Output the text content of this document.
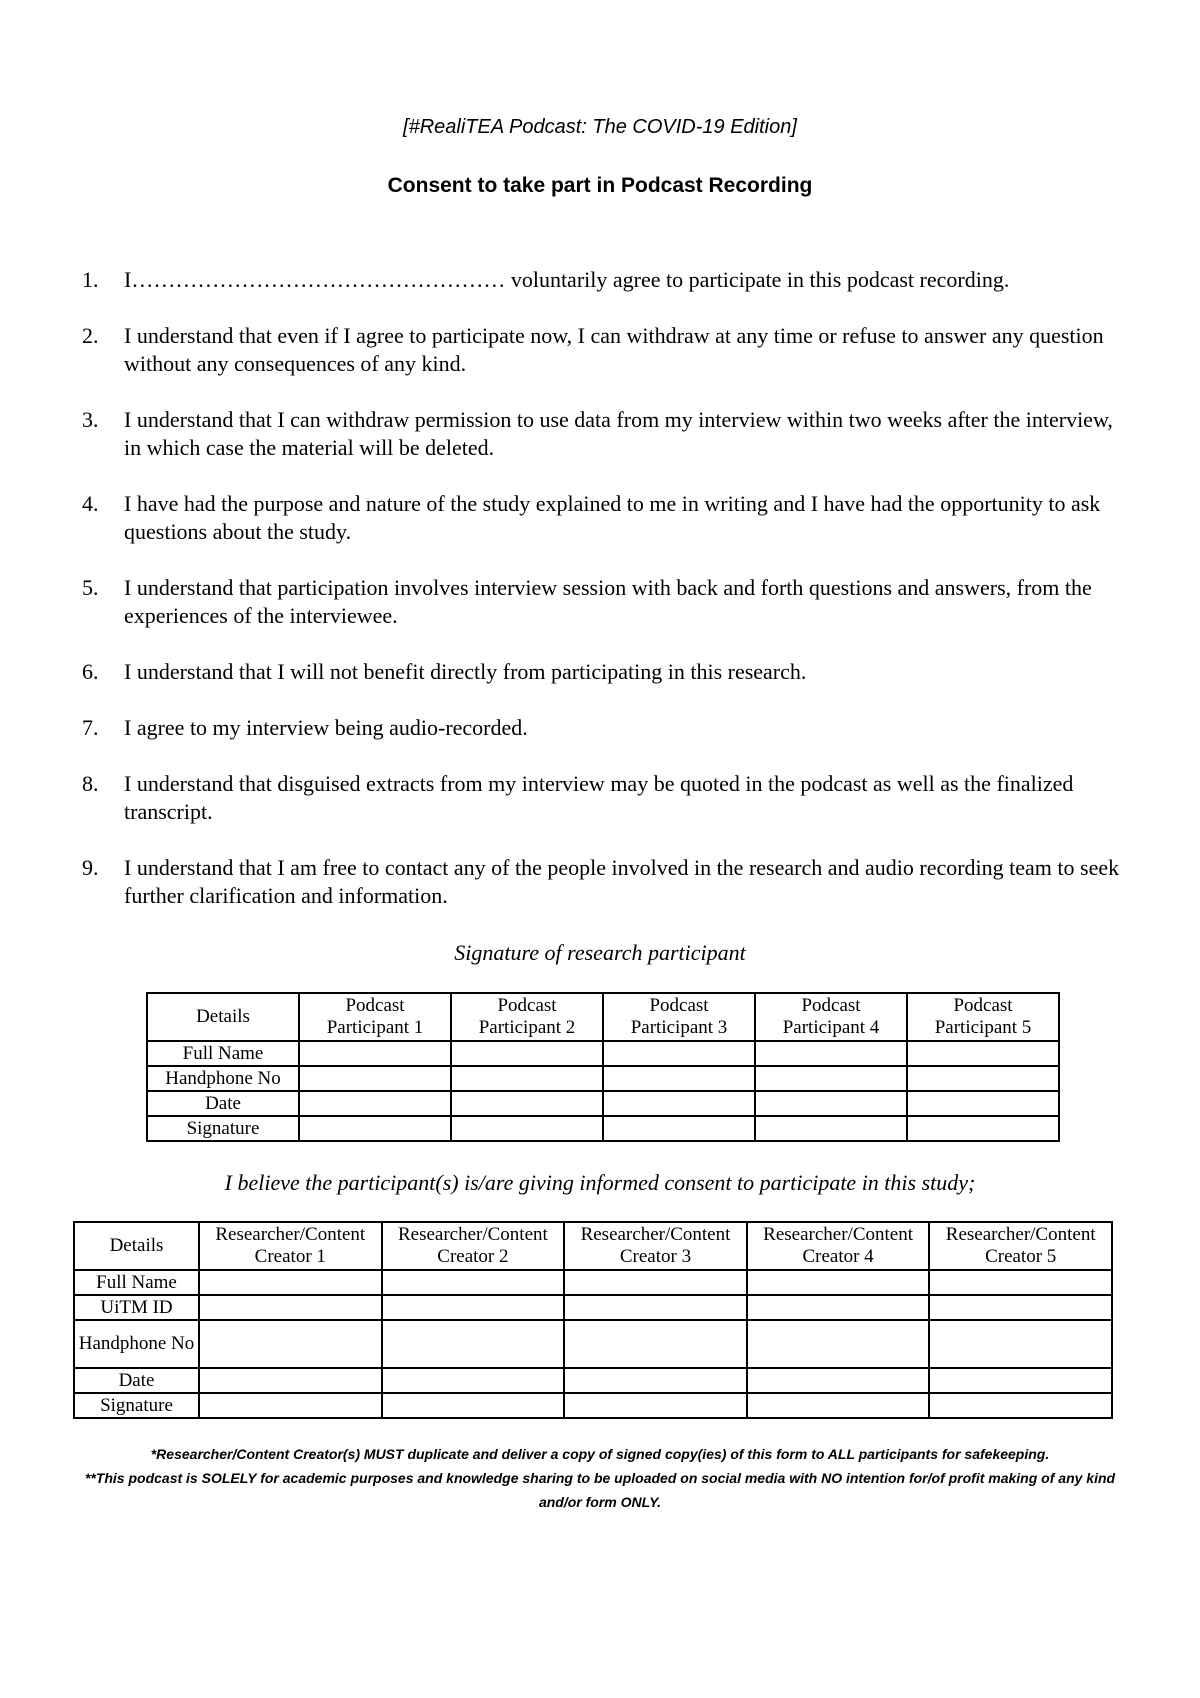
[#RealiTEA Podcast: The COVID-19 Edition]
Consent to take part in Podcast Recording
1. I…………………………………………… voluntarily agree to participate in this podcast recording.
2. I understand that even if I agree to participate now, I can withdraw at any time or refuse to answer any question without any consequences of any kind.
3. I understand that I can withdraw permission to use data from my interview within two weeks after the interview, in which case the material will be deleted.
4. I have had the purpose and nature of the study explained to me in writing and I have had the opportunity to ask questions about the study.
5. I understand that participation involves interview session with back and forth questions and answers, from the experiences of the interviewee.
6. I understand that I will not benefit directly from participating in this research.
7. I agree to my interview being audio-recorded.
8. I understand that disguised extracts from my interview may be quoted in the podcast as well as the finalized transcript.
9. I understand that I am free to contact any of the people involved in the research and audio recording team to seek further clarification and information.
Signature of research participant
Details	Podcast Participant 1	Podcast Participant 2	Podcast Participant 3	Podcast Participant 4	Podcast Participant 5
Full Name					
Handphone No					
Date					
Signature					
I believe the participant(s) is/are giving informed consent to participate in this study;
Details	Researcher/Content Creator 1	Researcher/Content Creator 2	Researcher/Content Creator 3	Researcher/Content Creator 4	Researcher/Content Creator 5
Full Name					
UiTM ID					
Handphone No					
Date					
Signature					
*Researcher/Content Creator(s) MUST duplicate and deliver a copy of signed copy(ies) of this form to ALL participants for safekeeping.
**This podcast is SOLELY for academic purposes and knowledge sharing to be uploaded on social media with NO intention for/of profit making of any kind and/or form ONLY.
